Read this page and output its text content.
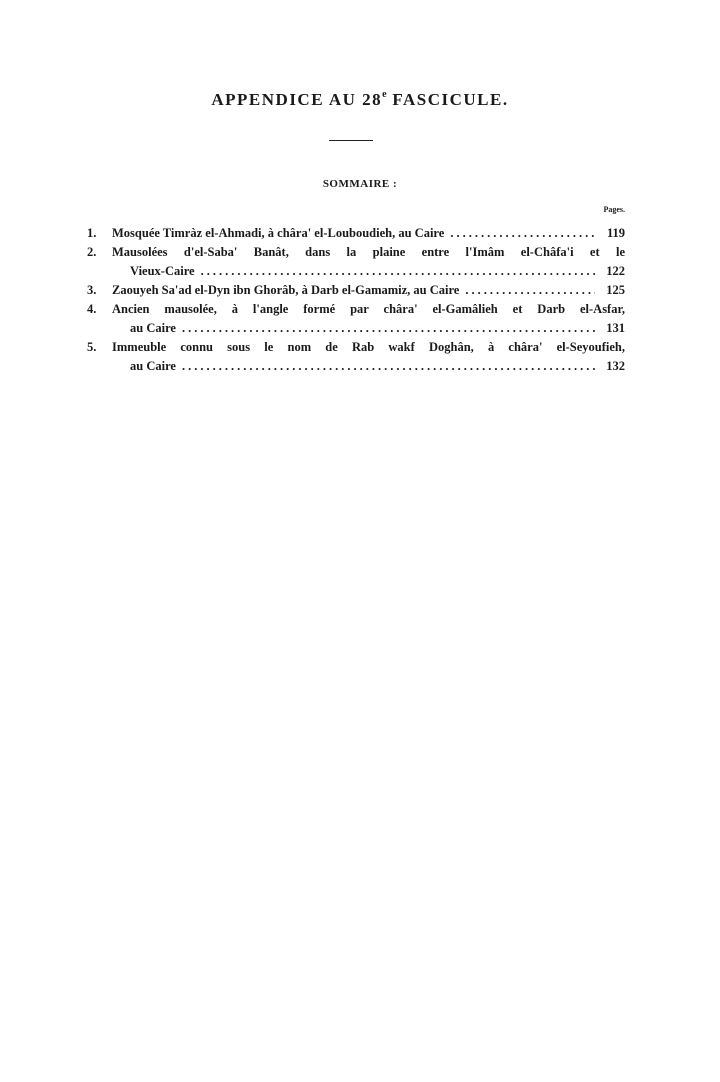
APPENDICE AU 28e FASCICULE.
SOMMAIRE :
Pages.
1. Mosquée Timràz el-Ahmadi, à châra' el-Louboudieh, au Caire .....	119
2. Mausolées d'el-Saba' Banât, dans la plaine entre l'Imâm el-Châfa'i et le
Vieux-Caire .....	122
3. Zaouyeh Sa'ad el-Dyn ibn Ghorâb, à Darb el-Gamamiz, au Caire .....	125
4. Ancien mausolée, à l'angle formé par châra' el-Gamâlieh et Darb el-Asfar,
au Caire .....	131
5. Immeuble connu sous le nom de Rab wakf Doghân, à châra' el-Seyoufieh,
au Caire .....	132
